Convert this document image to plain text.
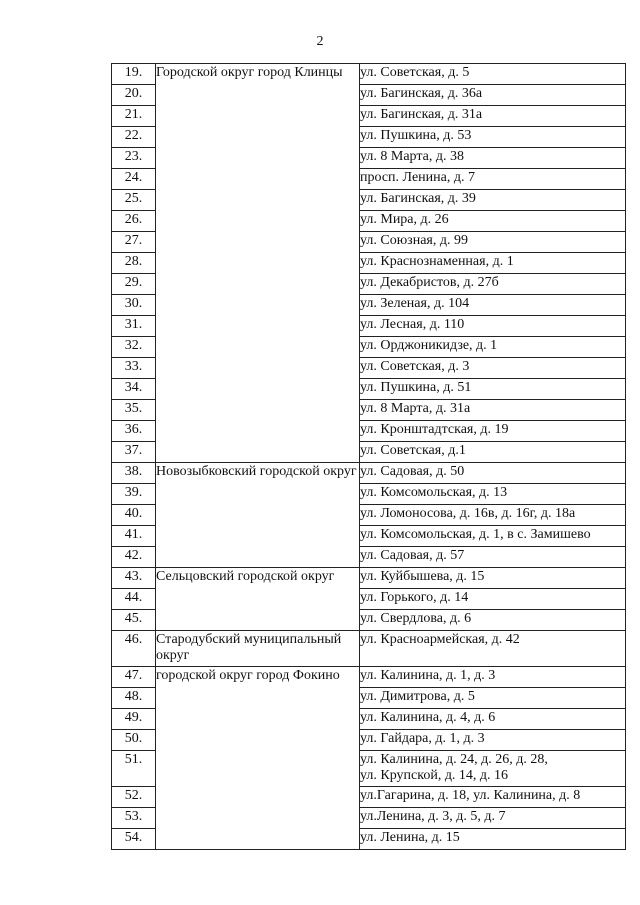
2
19.	Городской округ город Клинцы	ул. Советская, д. 5

20.		ул. Багинская, д. 36а

21.		ул. Багинская, д. 31а

22.		ул. Пушкина, д. 53

23.		ул. 8 Марта, д. 38

24.		просп. Ленина, д. 7

25.		ул. Багинская, д. 39

26.		ул. Мира, д. 26

27.		ул. Союзная, д. 99

28.		ул. Краснознаменная, д. 1

29.		ул. Декабристов, д. 27б

30.		ул. Зеленая, д. 104

31.		ул. Лесная, д. 110

32.		ул. Орджоникидзе, д. 1

33.		ул. Советская, д. 3

34.		ул. Пушкина, д. 51

35.		ул. 8 Марта, д. 31а

36.		ул. Кронштадтская, д. 19

37.		ул. Советская, д.1

38.	Новозыбковский городской округ	ул. Садовая, д. 50

39.		ул. Комсомольская, д. 13

40.		ул. Ломоносова, д. 16в, д. 16г, д. 18а

41.		ул. Комсомольская, д. 1, в с. Замишево

42.		ул. Садовая, д. 57

43.	Сельцовский городской округ	ул. Куйбышева, д. 15

44.		ул. Горького, д. 14

45.		ул. Свердлова, д. 6

46.	Стародубский муниципальный округ	ул. Красноармейская, д. 42

47.	городской округ город Фокино	ул. Калинина, д. 1, д. 3

48.		ул. Димитрова, д. 5

49.		ул. Калинина, д. 4, д. 6

50.		ул. Гайдара, д. 1, д. 3

51.		ул. Калинина, д. 24, д. 26, д. 28,
ул. Крупской, д. 14, д. 16

52.		ул.Гагарина, д. 18, ул. Калинина, д. 8

53.		ул.Ленина, д. 3, д. 5, д. 7

54.		ул. Ленина, д. 15
